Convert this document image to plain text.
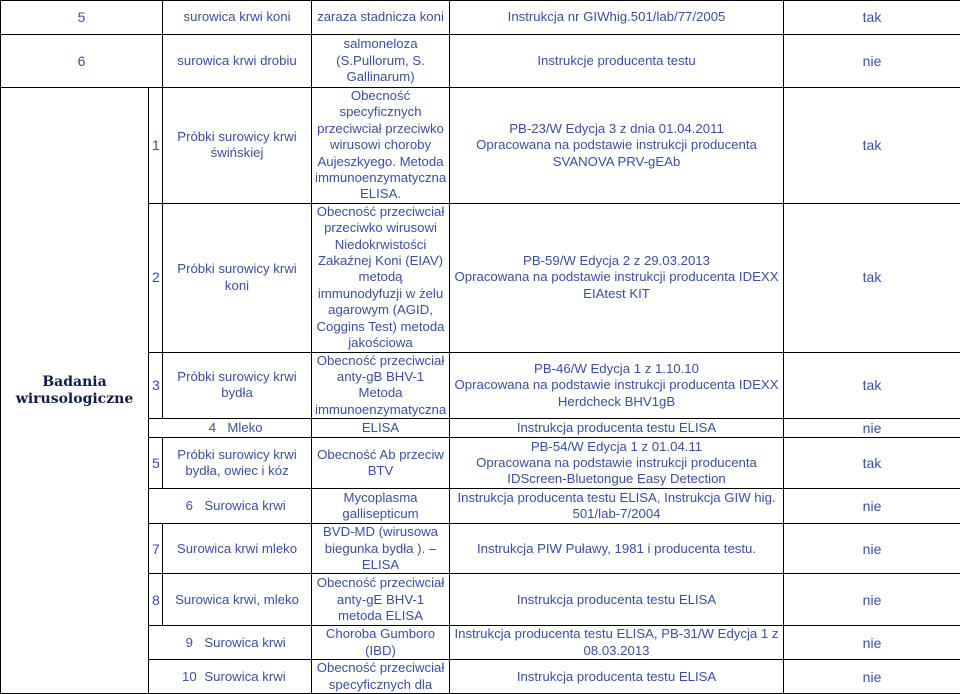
5		surowica krwi koni	zaraza stadnicza koni	Instrukcja nr GIWhig.501/lab/77/2005	tak
6		surowica krwi drobiu	salmoneloza (S.Pullorum, S. Gallinarum)	Instrukcje producenta testu	nie
Badania wirusologiczne	1	Próbki surowicy krwi świńskiej	Obecność specyficznych przeciwciał przeciwko wirusowi choroby Aujeszkyego. Metoda immunoenzymatyczna ELISA.	PB-23/W Edycja 3 z dnia 01.04.2011
Opracowana na podstawie instrukcji producenta
SVANOVA PRV-gEAb	tak
	2	Próbki surowicy krwi koni	Obecność przeciwciał przeciwko wirusowi Niedokrwistości Zakaźnej Koni (EIAV) metodą immunodyfuzji w żelu agarowym (AGID, Coggins Test) metoda jakościowa	PB-59/W Edycja 2 z 29.03.2013
Opracowana na podstawie instrukcji producenta IDEXX
EIAtest KIT	tak
	3	Próbki surowicy krwi bydła	Obecność przeciwciał anty-gB BHV-1 Metoda immunoenzymatyczna	PB-46/W Edycja 1 z 1.10.10
Opracowana na podstawie instrukcji producenta IDEXX
Herdcheck BHV1gB	tak
	4 Mleko		ELISA	Instrukcja producenta testu ELISA	nie
	5	Próbki surowicy krwi bydła, owiec i kóz	Obecność Ab przeciw BTV	PB-54/W Edycja 1 z 01.04.11
Opracowana na podstawie instrukcji producenta
IDScreen-Bluetongue Easy Detection	tak
	6 Surowica krwi		Mycoplasma gallisepticum	Instrukcja producenta testu ELISA, Instrukcja GIW hig.
501/lab-7/2004	nie
	7	Surowica krwi mleko	BVD-MD (wirusowa biegunka bydła ). – ELISA	Instrukcja PIW Puławy, 1981 i producenta testu.	nie
	8	Surowica krwi, mleko	Obecność przeciwciał anty-gE BHV-1 metoda ELISA	Instrukcja producenta testu ELISA	nie
	9 Surowica krwi		Choroba Gumboro (IBD)	Instrukcja producenta testu ELISA, PB-31/W Edycja 1 z
08.03.2013	nie
	10 Surowica krwi		Obecność przeciwciał specyficznych dla	Instrukcja producenta testu ELISA	nie
